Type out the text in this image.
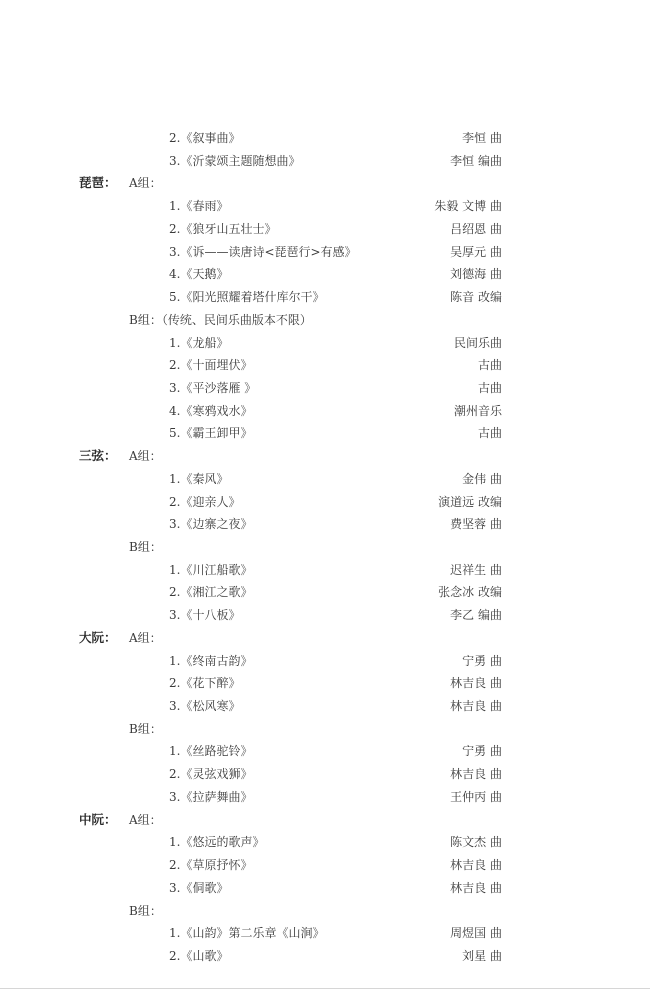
2.《叙事曲》	李恒 曲
3.《沂蒙颂主题随想曲》	李恒 编曲
琵琶： A组：
1.《春雨》	朱毅 文博 曲
2.《狼牙山五壮士》	吕绍恩 曲
3.《诉——读唐诗<琵琶行>有感》	吴厚元 曲
4.《天鹅》	刘德海 曲
5.《阳光照耀着塔什库尔干》	陈音 改编
B组：（传统、民间乐曲版本不限）
1.《龙船》	民间乐曲
2.《十面埋伏》	古曲
3.《平沙落雁 》	古曲
4.《寒鸦戏水》	潮州音乐
5.《霸王卸甲》	古曲
三弦： A组：
1.《秦风》	金伟 曲
2.《迎亲人》	演道远 改编
3.《边寨之夜》	费坚蓉 曲
B组：
1.《川江船歌》	迟祥生 曲
2.《湘江之歌》	张念冰 改编
3.《十八板》	李乙 编曲
大阮： A组：
1.《终南古韵》	宁勇 曲
2.《花下醉》	林吉良 曲
3.《松风寒》	林吉良 曲
B组：
1.《丝路驼铃》	宁勇 曲
2.《灵弦戏狮》	林吉良 曲
3.《拉萨舞曲》	王仲丙 曲
中阮： A组：
1.《悠远的歌声》	陈文杰 曲
2.《草原抒怀》	林吉良 曲
3.《侗歌》	林吉良 曲
B组：
1.《山韵》第二乐章《山涧》	周煜国 曲
2.《山歌》	刘星 曲
